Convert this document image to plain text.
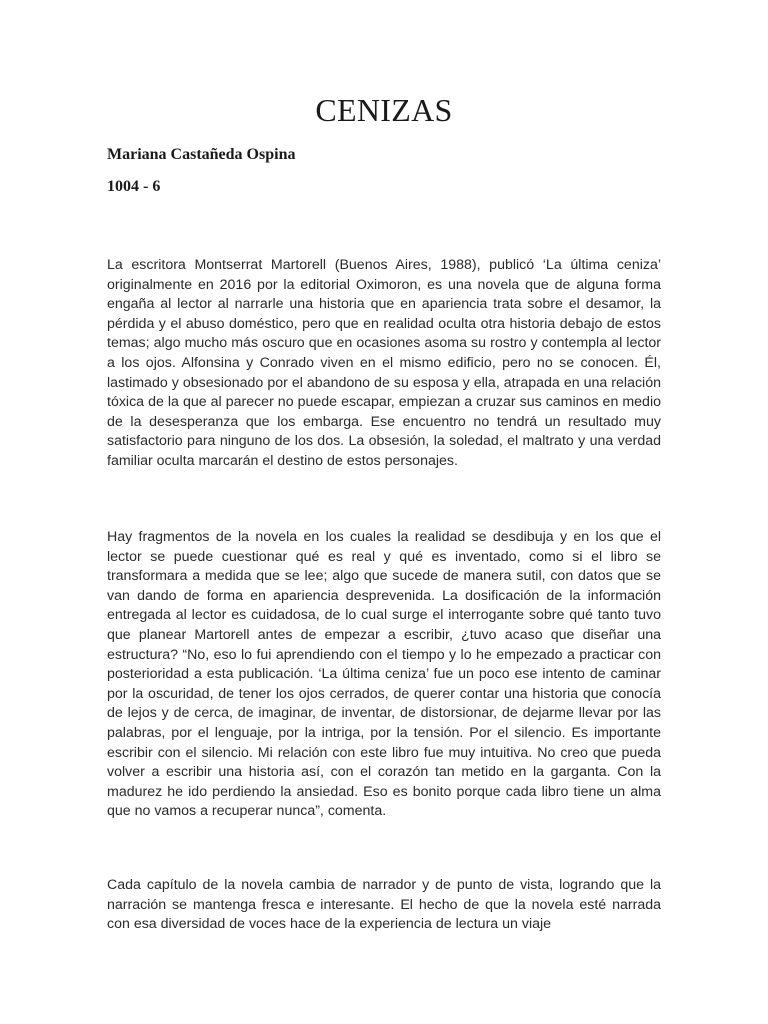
CENIZAS

Mariana Castañeda Ospina

1004 - 6

La escritora Montserrat Martorell (Buenos Aires, 1988), publicó ‘La última ceniza’ originalmente en 2016 por la editorial Oximoron, es una novela que de alguna forma engaña al lector al narrarle una historia que en apariencia trata sobre el desamor, la pérdida y el abuso doméstico, pero que en realidad oculta otra historia debajo de estos temas; algo mucho más oscuro que en ocasiones asoma su rostro y contempla al lector a los ojos. Alfonsina y Conrado viven en el mismo edificio, pero no se conocen. Él, lastimado y obsesionado por el abandono de su esposa y ella, atrapada en una relación tóxica de la que al parecer no puede escapar, empiezan a cruzar sus caminos en medio de la desesperanza que los embarga. Ese encuentro no tendrá un resultado muy satisfactorio para ninguno de los dos. La obsesión, la soledad, el maltrato y una verdad familiar oculta marcarán el destino de estos personajes.

Hay fragmentos de la novela en los cuales la realidad se desdibuja y en los que el lector se puede cuestionar qué es real y qué es inventado, como si el libro se transformara a medida que se lee; algo que sucede de manera sutil, con datos que se van dando de forma en apariencia desprevenida. La dosificación de la información entregada al lector es cuidadosa, de lo cual surge el interrogante sobre qué tanto tuvo que planear Martorell antes de empezar a escribir, ¿tuvo acaso que diseñar una estructura? “No, eso lo fui aprendiendo con el tiempo y lo he empezado a practicar con posterioridad a esta publicación. ‘La última ceniza’ fue un poco ese intento de caminar por la oscuridad, de tener los ojos cerrados, de querer contar una historia que conocía de lejos y de cerca, de imaginar, de inventar, de distorsionar, de dejarme llevar por las palabras, por el lenguaje, por la intriga, por la tensión. Por el silencio. Es importante escribir con el silencio. Mi relación con este libro fue muy intuitiva. No creo que pueda volver a escribir una historia así, con el corazón tan metido en la garganta. Con la madurez he ido perdiendo la ansiedad. Eso es bonito porque cada libro tiene un alma que no vamos a recuperar nunca”, comenta.

Cada capítulo de la novela cambia de narrador y de punto de vista, logrando que la narración se mantenga fresca e interesante. El hecho de que la novela esté narrada con esa diversidad de voces hace de la experiencia de lectura un viaje
